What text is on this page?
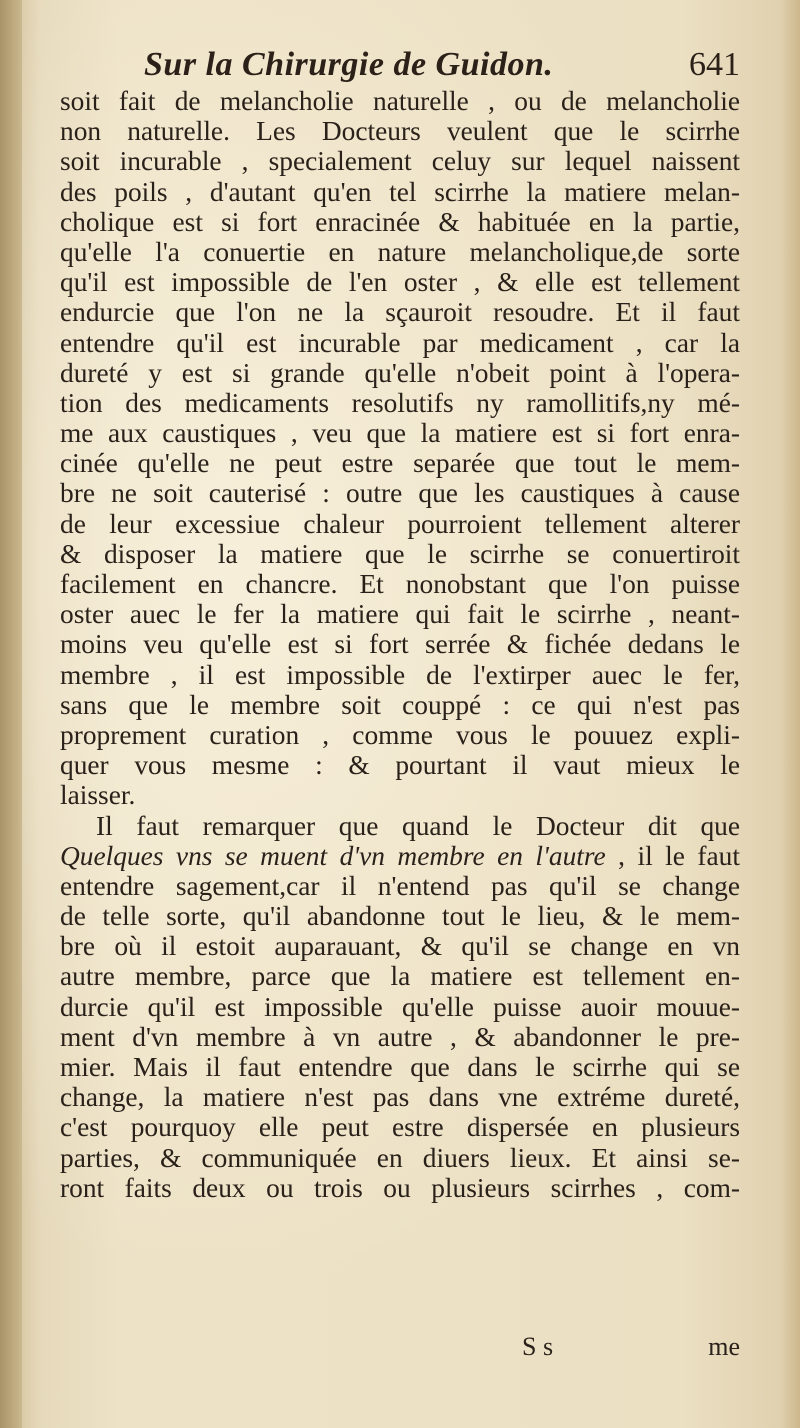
Sur la Chirurgie de Guidon.	641
soit fait de melancholie naturelle , ou de melancholie
non naturelle. Les Docteurs veulent que le scirrhe
soit incurable , specialement celuy sur lequel naissent
des poils , d'autant qu'en tel scirrhe la matiere melan-
cholique est si fort enracinée & habituée en la partie,
qu'elle l'a conuertie en nature melancholique,de sorte
qu'il est impossible de l'en oster , & elle est tellement
endurcie que l'on ne la sçauroit resoudre. Et il faut
entendre qu'il est incurable par medicament , car la
dureté y est si grande qu'elle n'obeit point à l'opera-
tion des medicaments resolutifs ny ramollitifs,ny mé-
me aux caustiques , veu que la matiere est si fort enra-
cinée qu'elle ne peut estre separée que tout le mem-
bre ne soit cauterisé : outre que les caustiques à cause
de leur excessiue chaleur pourroient tellement alterer
& disposer la matiere que le scirrhe se conuertiroit
facilement en chancre. Et nonobstant que l'on puisse
oster auec le fer la matiere qui fait le scirrhe , neant-
moins veu qu'elle est si fort serrée & fichée dedans le
membre , il est impossible de l'extirper auec le fer,
sans que le membre soit couppé : ce qui n'est pas
proprement curation , comme vous le pouuez expli-
quer vous mesme : & pourtant il vaut mieux le
laisser.
Il faut remarquer que quand le Docteur dit que
Quelques vns se muent d'vn membre en l'autre , il le faut
entendre sagement,car il n'entend pas qu'il se change
de telle sorte, qu'il abandonne tout le lieu, & le mem-
bre où il estoit auparauant, & qu'il se change en vn
autre membre, parce que la matiere est tellement en-
durcie qu'il est impossible qu'elle puisse auoir mouue-
ment d'vn membre à vn autre , & abandonner le pre-
mier. Mais il faut entendre que dans le scirrhe qui se
change, la matiere n'est pas dans vne extréme dureté,
c'est pourquoy elle peut estre dispersée en plusieurs
parties, & communiquée en diuers lieux. Et ainsi se-
ront faits deux ou trois ou plusieurs scirrhes , com-
S s	me
